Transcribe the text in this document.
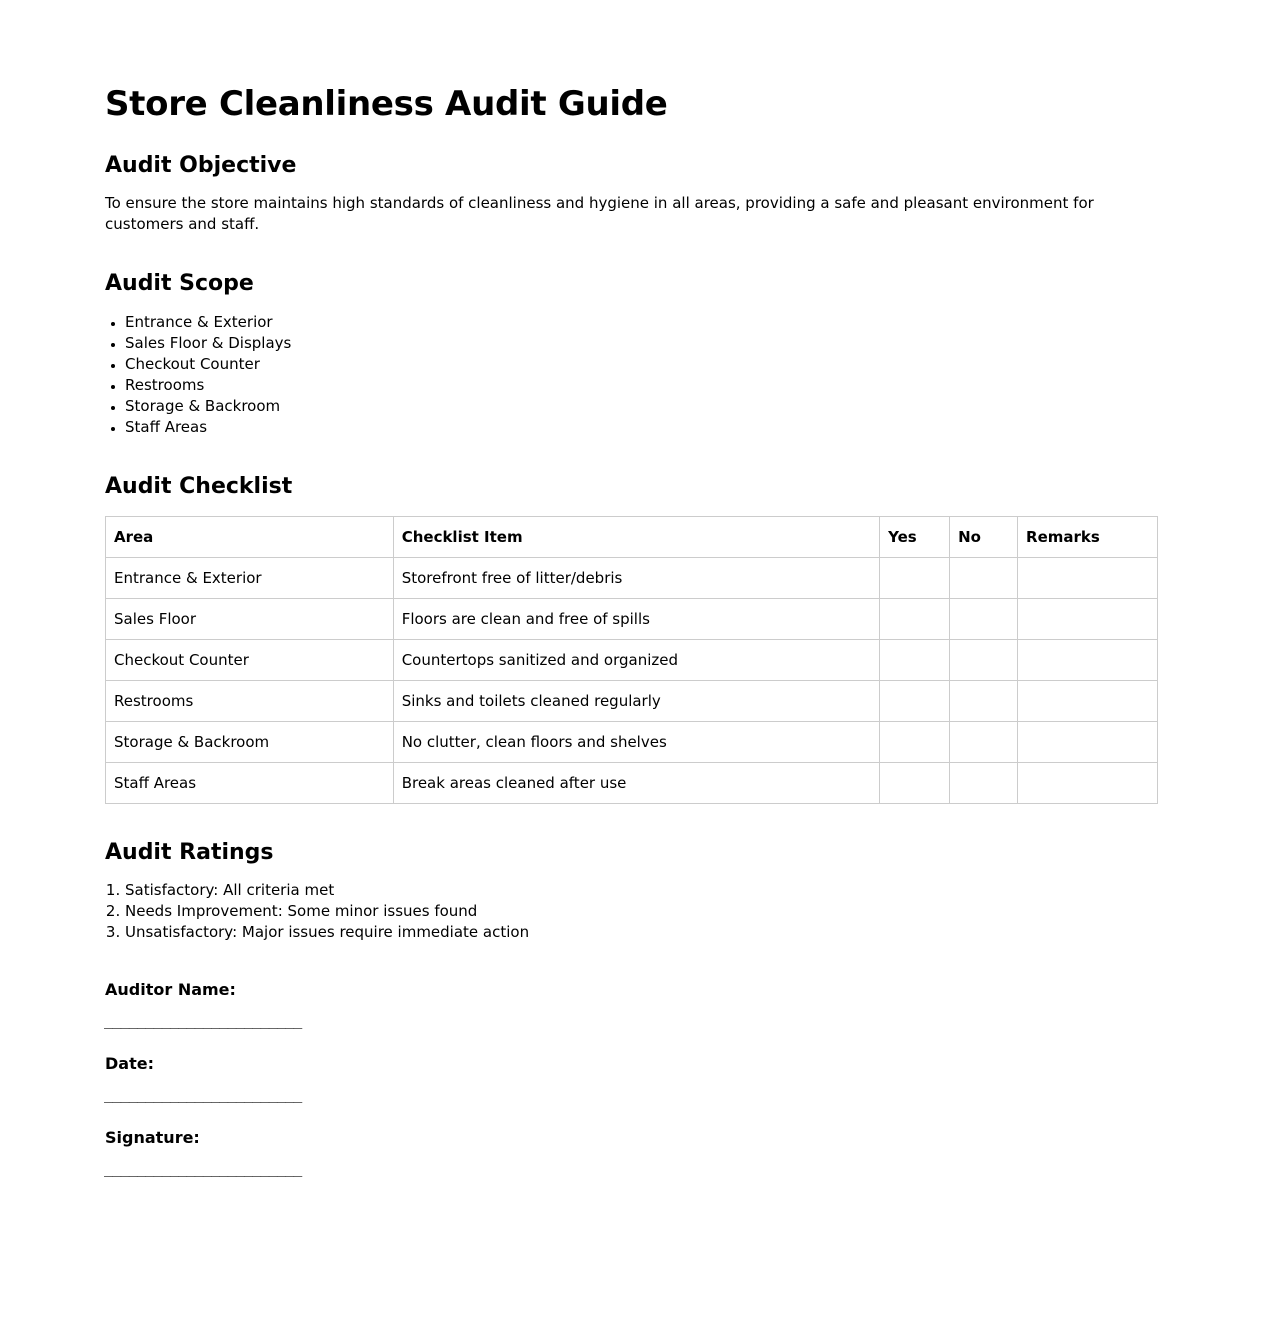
Store Cleanliness Audit Guide
Audit Objective

To ensure the store maintains high standards of cleanliness and hygiene in all areas, providing a safe and pleasant environment for customers and staff.

Audit Scope
• Entrance & Exterior
• Sales Floor & Displays
• Checkout Counter
• Restrooms
• Storage & Backroom
• Staff Areas
Audit Checklist
Area	Checklist Item	Yes	No	Remarks
Entrance & Exterior	Storefront free of litter/debris			
Sales Floor	Floors are clean and free of spills			
Checkout Counter	Countertops sanitized and organized			
Restrooms	Sinks and toilets cleaned regularly			
Storage & Backroom	No clutter, clean floors and shelves			
Staff Areas	Break areas cleaned after use			
Audit Ratings
1. Satisfactory: All criteria met
2. Needs Improvement: Some minor issues found
3. Unsatisfactory: Major issues require immediate action
Auditor Name:
________________________
Date:
________________________
Signature:
________________________
